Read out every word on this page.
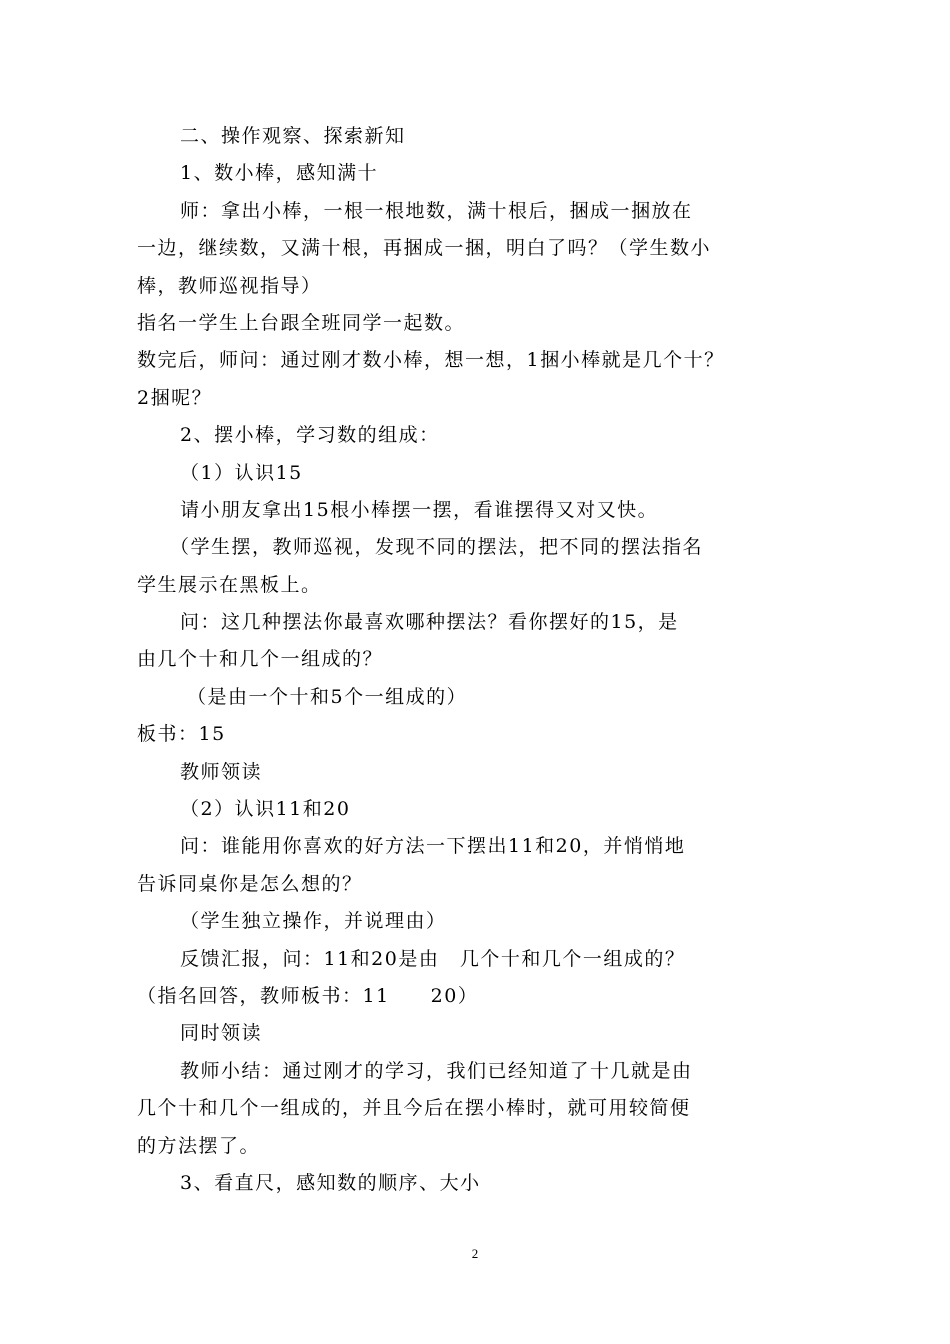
二、操作观察、探索新知
1、数小棒，感知满十
师：拿出小棒，一根一根地数，满十根后，捆成一捆放在
一边，继续数，又满十根，再捆成一捆，明白了吗？（学生数小
棒，教师巡视指导）
指名一学生上台跟全班同学一起数。
数完后，师问：通过刚才数小棒，想一想，1捆小棒就是几个十？
2捆呢？
2、摆小棒，学习数的组成：
（1）认识15
请小朋友拿出15根小棒摆一摆，看谁摆得又对又快。
（学生摆，教师巡视，发现不同的摆法，把不同的摆法指名
学生展示在黑板上。
问：这几种摆法你最喜欢哪种摆法？看你摆好的15，是
由几个十和几个一组成的？
（是由一个十和5个一组成的）
板书：15
教师领读
（2）认识11和20
问：谁能用你喜欢的好方法一下摆出11和20，并悄悄地
告诉同桌你是怎么想的？
（学生独立操作，并说理由）
反馈汇报，问：11和20是由　几个十和几个一组成的？
（指名回答，教师板书：11　　20）
同时领读
教师小结：通过刚才的学习，我们已经知道了十几就是由
几个十和几个一组成的，并且今后在摆小棒时，就可用较简便
的方法摆了。
3、看直尺，感知数的顺序、大小
2
